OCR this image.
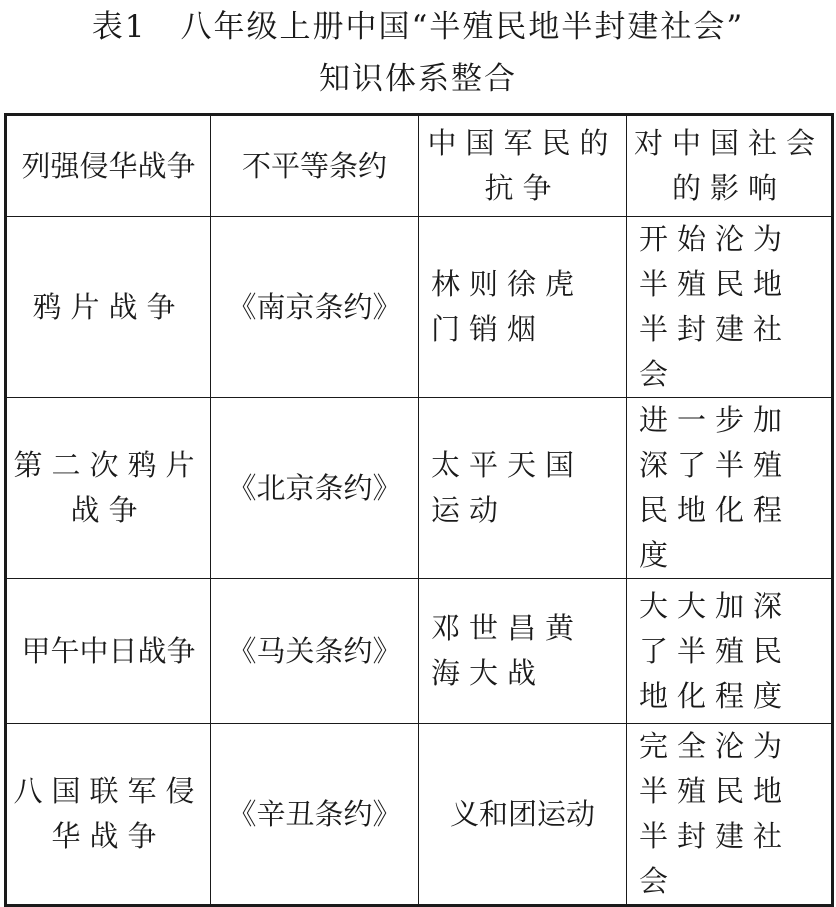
表1 八年级上册中国“半殖民地半封建社会”
知识体系整合
列强侵华战争	不平等条约	中国军民的抗争	对中国社会的影响
鸦片战争	《南京条约》	林则徐虎门销烟	开始沦为半殖民地半封建社会
第二次鸦片战争	《北京条约》	太平天国运动	进一步加深了半殖民地化程度
甲午中日战争	《马关条约》	邓世昌黄海大战	大大加深了半殖民地化程度
八国联军侵华战争	《辛丑条约》	义和团运动	完全沦为半殖民地半封建社会
